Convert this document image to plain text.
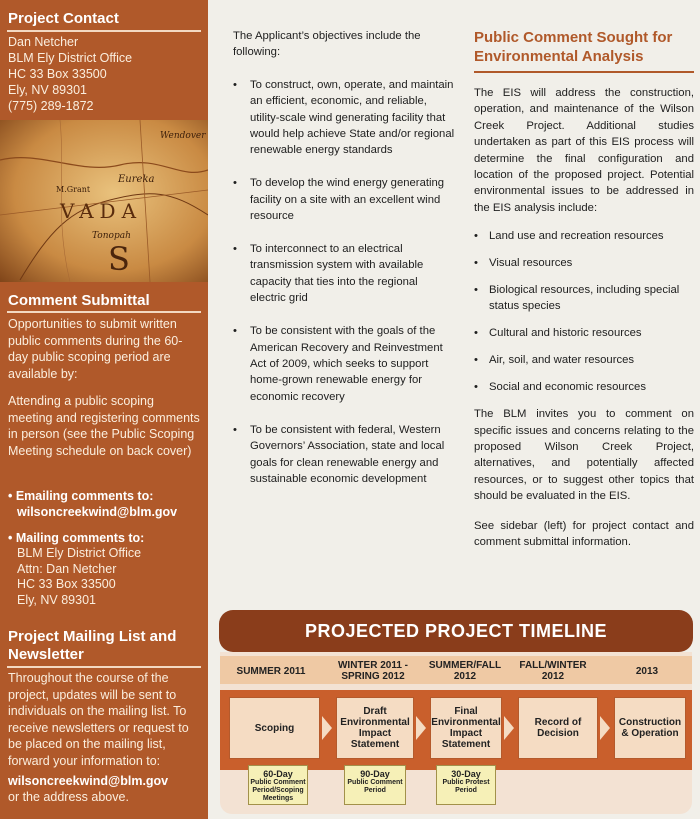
Project Contact
Dan Netcher
BLM Ely District Office
HC 33 Box 33500
Ely, NV 89301
(775) 289-1872
Eureka
Wendover
M.Grant
Tonopah
VADA
S
Comment Submittal
Opportunities to submit written public comments during the 60-day public scoping period are available by:
Attending a public scoping meeting and registering comments in person (see the Public Scoping Meeting schedule on back cover)
• Emailing comments to:
wilsoncreekwind@blm.gov
• Mailing comments to:
BLM Ely District Office
Attn: Dan Netcher
HC 33 Box 33500
Ely, NV 89301
Project Mailing List and Newsletter
Throughout the course of the project, updates will be sent to individuals on the mailing list. To receive newsletters or request to be placed on the mailing list, forward your information to:
wilsoncreekwind@blm.gov
or the address above.
The Applicant’s objectives include the following:
• To construct, own, operate, and maintain an efficient, economic, and reliable, utility-scale wind generating facility that would help achieve State and/or regional renewable energy standards
• To develop the wind energy generating facility on a site with an excellent wind resource
• To interconnect to an electrical transmission system with available capacity that ties into the regional electric grid
• To be consistent with the goals of the American Recovery and Reinvestment Act of 2009, which seeks to support home-grown renewable energy for economic recovery
• To be consistent with federal, Western Governors’ Association, state and local goals for clean renewable energy and sustainable economic development
Public Comment Sought for Environmental Analysis

The EIS will address the construction, operation, and maintenance of the Wilson Creek Project. Additional studies undertaken as part of this EIS process will determine the final configuration and location of the proposed project. Potential environmental issues to be addressed in the EIS analysis include:

• Land use and recreation resources
• Visual resources
• Biological resources, including special status species
• Cultural and historic resources
• Air, soil, and water resources
• Social and economic resources

The BLM invites you to comment on specific issues and concerns relating to the proposed Wilson Creek Project, alternatives, and potentially affected resources, or to suggest other topics that should be evaluated in the EIS.

See sidebar (left) for project contact and comment submittal information.

PROJECTED PROJECT TIMELINE
SUMMER 2011
WINTER 2011 - SPRING 2012
SUMMER/FALL 2012
FALL/WINTER 2012	2013
Scoping
Draft Environmental Impact Statement
Final Environmental Impact Statement
Record of Decision
Construction & Operation
60-Day
Public Comment Period/Scoping Meetings
90-Day
Public Comment Period
30-Day
Public Protest Period
